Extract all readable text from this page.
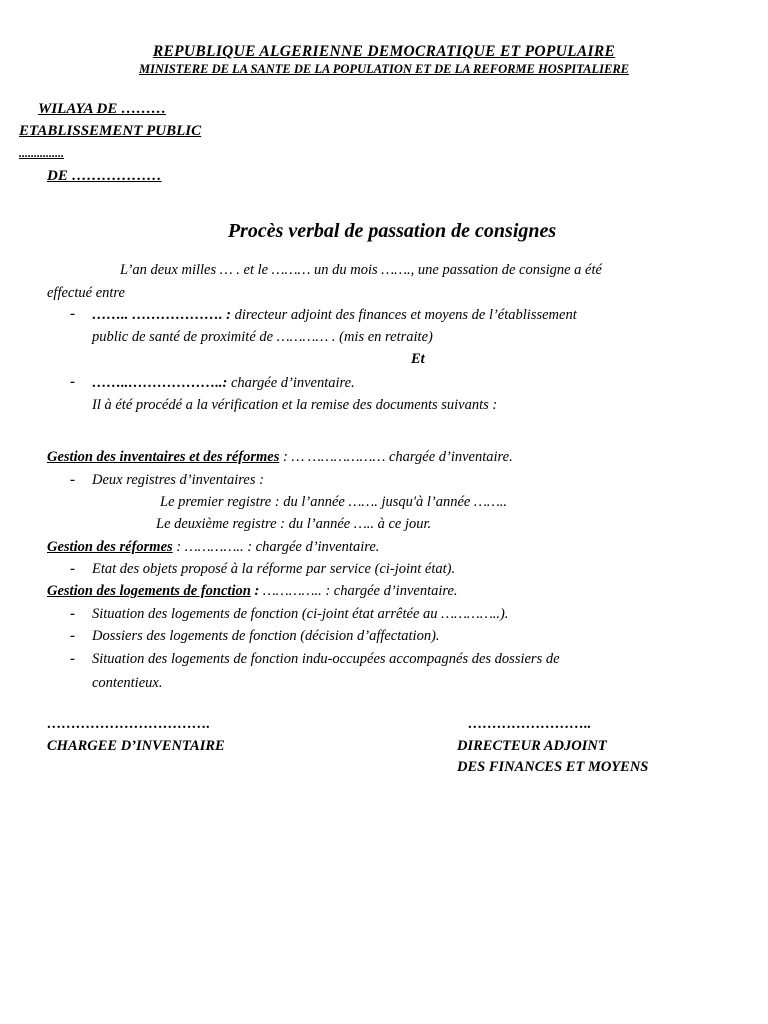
REPUBLIQUE ALGERIENNE DEMOCRATIQUE ET POPULAIRE
MINISTERE DE LA SANTE DE LA POPULATION ET DE LA REFORME HOSPITALIERE
WILAYA DE ………
ETABLISSEMENT PUBLIC
...............
DE ………………
Procès verbal de passation de consignes
L’an deux milles … . et le ……… un du mois ……., une passation de consigne a été
effectué entre
- …….. ………………. : directeur adjoint des finances et moyens de l’établissement
public de santé de proximité de ………… . (mis en retraite)
Et
- ……..………………..: chargée d’inventaire.
Il à été procédé a la vérification et la remise des documents suivants :
Gestion des inventaires et des réformes : … ……………… chargée d’inventaire.
- Deux registres d’inventaires :
Le premier registre : du l’année ……. jusqu'à l’année ……..
Le deuxième registre : du l’année ….. à ce jour.
Gestion des réformes : ………….. : chargée d’inventaire.
- Etat des objets proposé à la réforme par service (ci-joint état).
Gestion des logements de fonction : ………….. : chargée d’inventaire.
- Situation des logements de fonction (ci-joint état arrêtée au …………..).
- Dossiers des logements de fonction (décision d’affectation).
- Situation des logements de fonction indu-occupées accompagnés des dossiers de
contentieux.
…………………………….
CHARGEE D’INVENTAIRE
……………………..
DIRECTEUR ADJOINT
DES FINANCES ET MOYENS
